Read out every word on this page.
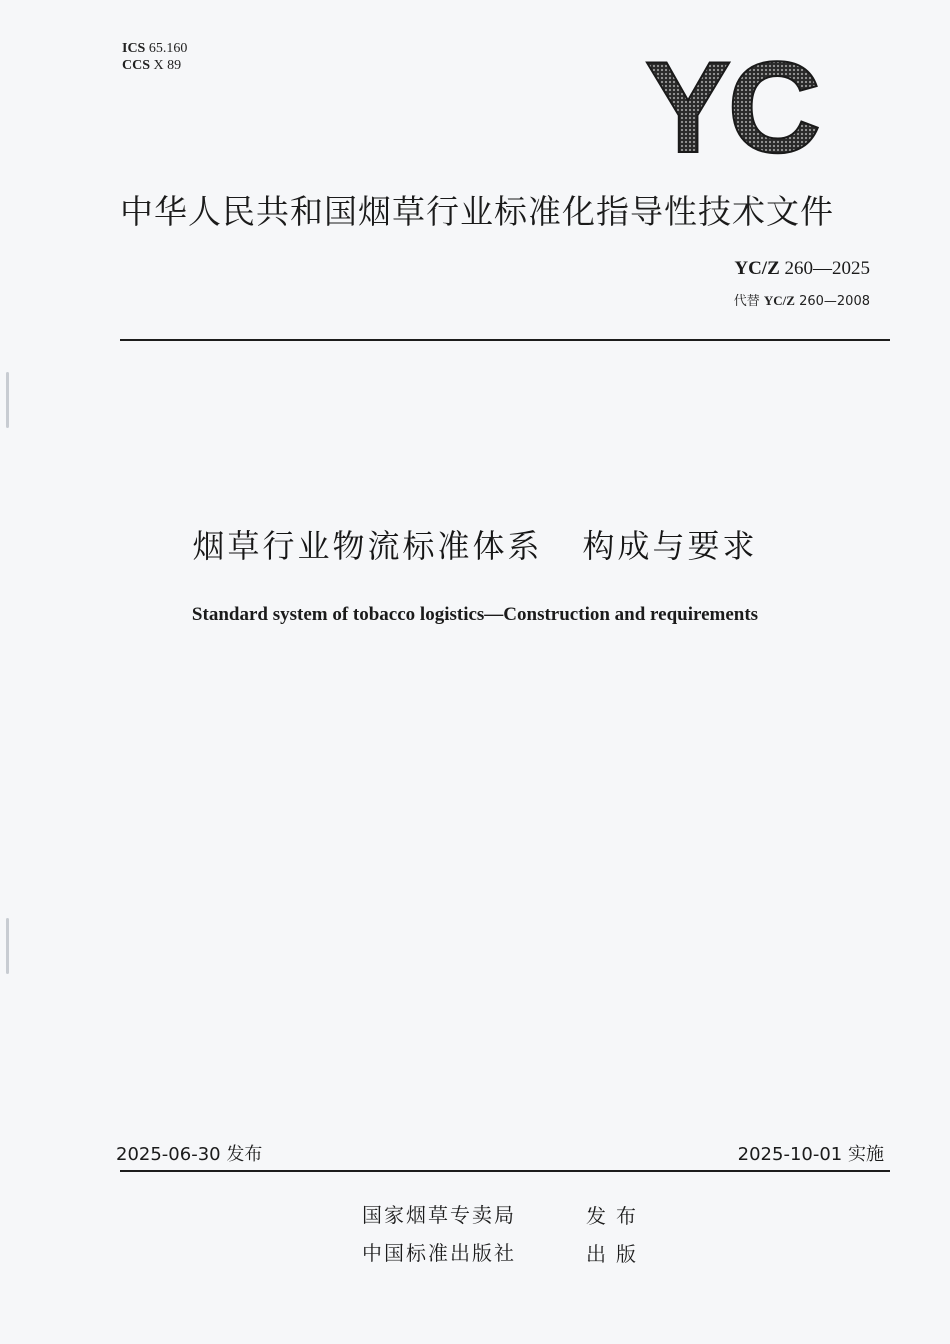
ICS 65.160
CCS X 89	YC
中华人民共和国烟草行业标准化指导性技术文件
YC/Z 260—2025
代替 YC/Z 260—2008
烟草行业物流标准体系 构成与要求
Standard system of tobacco logistics—Construction and requirements
2025-06-30 发布	2025-10-01 实施
国家烟草专卖局	发布
中国标准出版社	出版
